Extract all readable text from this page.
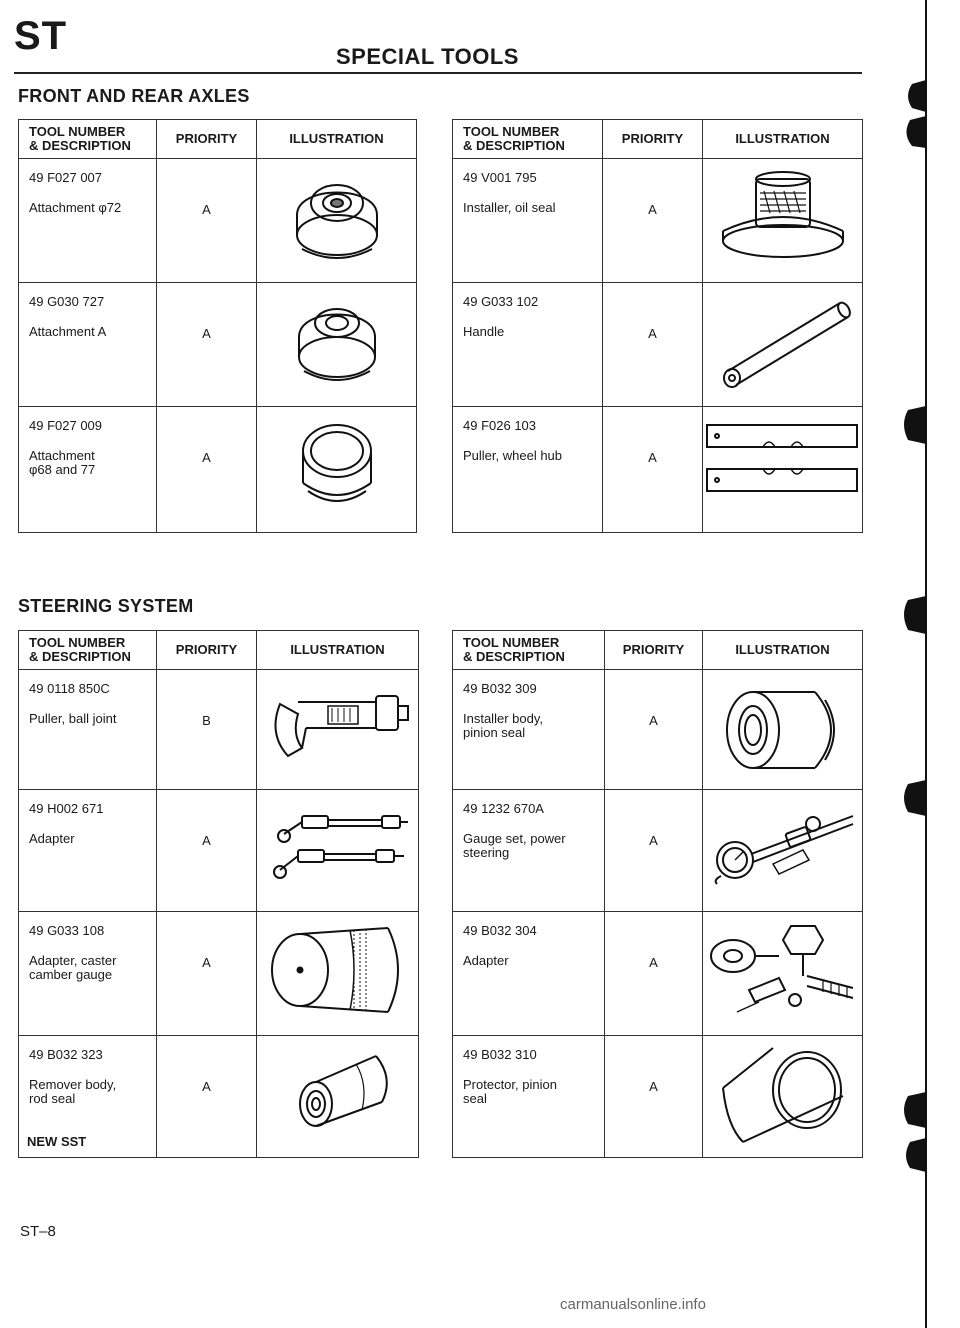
ST	SPECIAL TOOLS
FRONT AND REAR AXLES
TOOL NUMBER
& DESCRIPTION	PRIORITY	ILLUSTRATION

49 F027 007
Attachment φ72	A	

49 G030 727
Attachment A	A	

49 F027 009
Attachment
φ68 and 77	A	
TOOL NUMBER
& DESCRIPTION	PRIORITY	ILLUSTRATION

49 V001 795
Installer, oil seal	A	

49 G033 102
Handle	A	

49 F026 103
Puller, wheel hub	A	
STEERING SYSTEM
TOOL NUMBER
& DESCRIPTION	PRIORITY	ILLUSTRATION

49 0118 850C
Puller, ball joint	B	

49 H002 671
Adapter	A	

49 G033 108
Adapter, caster
camber gauge	A	

49 B032 323
Remover body,
rod seal
NEW SST	A	
TOOL NUMBER
& DESCRIPTION	PRIORITY	ILLUSTRATION

49 B032 309
Installer body,
pinion seal	A	

49 1232 670A
Gauge set, power
steering	A	

49 B032 304
Adapter	A	

49 B032 310
Protector, pinion
seal	A	
ST–8
carmanualsonline.info
